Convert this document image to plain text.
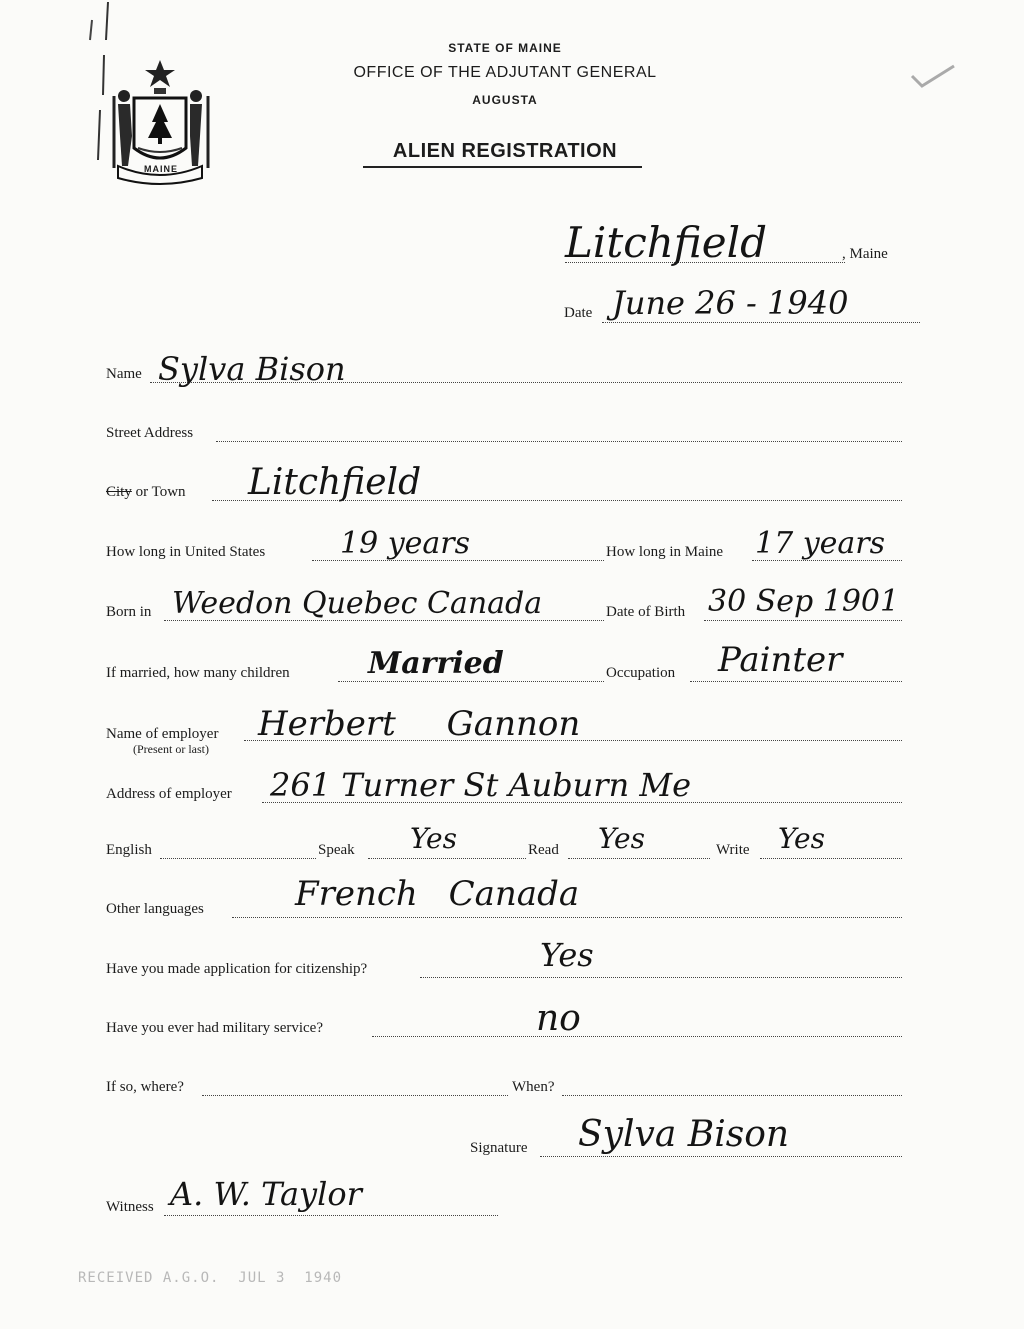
MAINE
STATE OF MAINE
OFFICE OF THE ADJUTANT GENERAL
AUGUSTA
ALIEN REGISTRATION
Litchfield	, Maine
Date June 26 - 1940
Name Sylva Bison
Street Address
City or Town Litchfield
How long in United States 19 years	How long in Maine 17 years
Born in Weedon Quebec Canada	Date of Birth 30 Sep 1901
If married, how many children	Married	Occupation Painter
Name of employer
(Present or last)
Herbert Gannon
Address of employer 261 Turner St Auburn Me
English	Speak Yes	Read Yes	Write Yes
Other languages	French Canada
Have you made application for citizenship?	Yes
Have you ever had military service?	no
If so, where?	When?
Signature Sylva Bison
Witness A. W. Taylor
RECEIVED A.G.O.  JUL 3  1940
